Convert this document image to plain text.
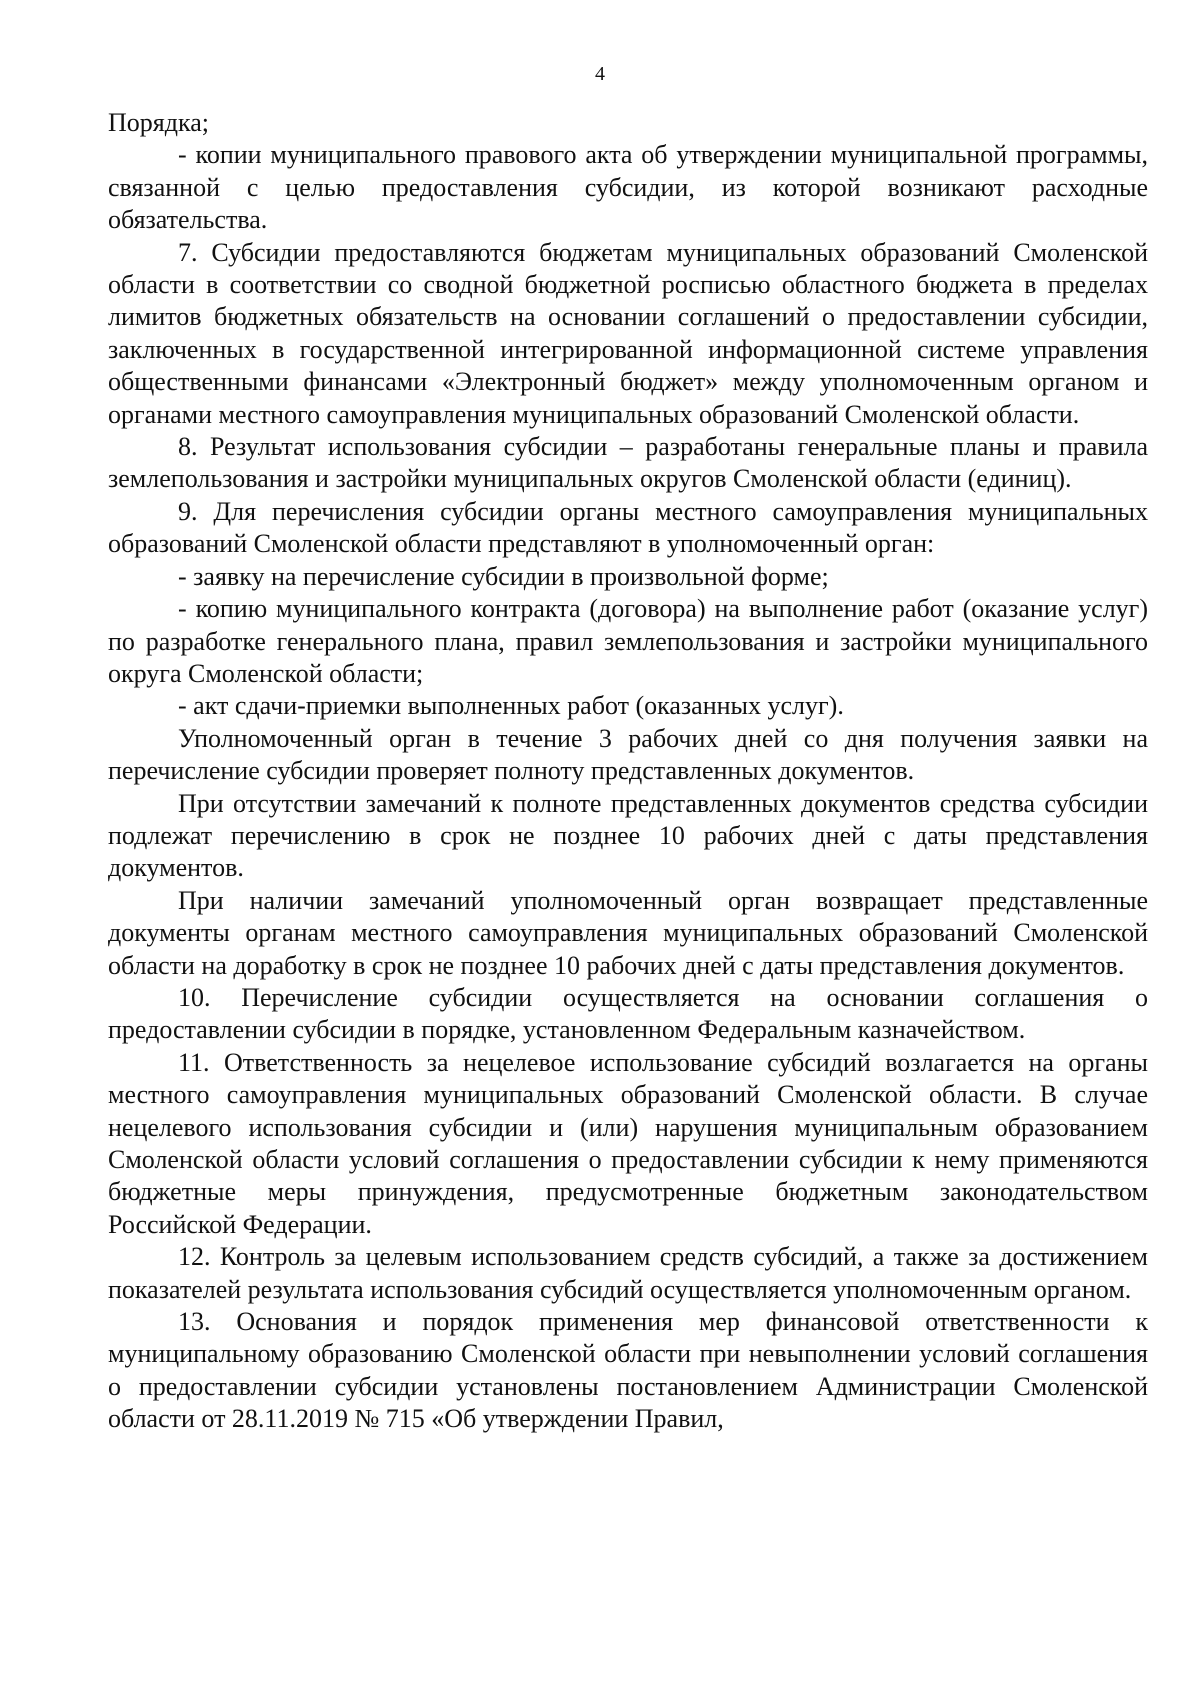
4

Порядка;

- копии муниципального правового акта об утверждении муниципальной программы, связанной с целью предоставления субсидии, из которой возникают расходные обязательства.

7. Субсидии предоставляются бюджетам муниципальных образований Смоленской области в соответствии со сводной бюджетной росписью областного бюджета в пределах лимитов бюджетных обязательств на основании соглашений о предоставлении субсидии, заключенных в государственной интегрированной информационной системе управления общественными финансами «Электронный бюджет» между уполномоченным органом и органами местного самоуправления муниципальных образований Смоленской области.

8. Результат использования субсидии – разработаны генеральные планы и правила землепользования и застройки муниципальных округов Смоленской области (единиц).

9. Для перечисления субсидии органы местного самоуправления муниципальных образований Смоленской области представляют в уполномоченный орган:

- заявку на перечисление субсидии в произвольной форме;

- копию муниципального контракта (договора) на выполнение работ (оказание услуг) по разработке генерального плана, правил землепользования и застройки муниципального округа Смоленской области;

- акт сдачи-приемки выполненных работ (оказанных услуг).

Уполномоченный орган в течение 3 рабочих дней со дня получения заявки на перечисление субсидии проверяет полноту представленных документов.

При отсутствии замечаний к полноте представленных документов средства субсидии подлежат перечислению в срок не позднее 10 рабочих дней с даты представления документов.

При наличии замечаний уполномоченный орган возвращает представленные документы органам местного самоуправления муниципальных образований Смоленской области на доработку в срок не позднее 10 рабочих дней с даты представления документов.

10. Перечисление субсидии осуществляется на основании соглашения о предоставлении субсидии в порядке, установленном Федеральным казначейством.

11. Ответственность за нецелевое использование субсидий возлагается на органы местного самоуправления муниципальных образований Смоленской области. В случае нецелевого использования субсидии и (или) нарушения муниципальным образованием Смоленской области условий соглашения о предоставлении субсидии к нему применяются бюджетные меры принуждения, предусмотренные бюджетным законодательством Российской Федерации.

12. Контроль за целевым использованием средств субсидий, а также за достижением показателей результата использования субсидий осуществляется уполномоченным органом.

13. Основания и порядок применения мер финансовой ответственности к муниципальному образованию Смоленской области при невыполнении условий соглашения о предоставлении субсидии установлены постановлением Администрации Смоленской области от 28.11.2019 № 715 «Об утверждении Правил,
